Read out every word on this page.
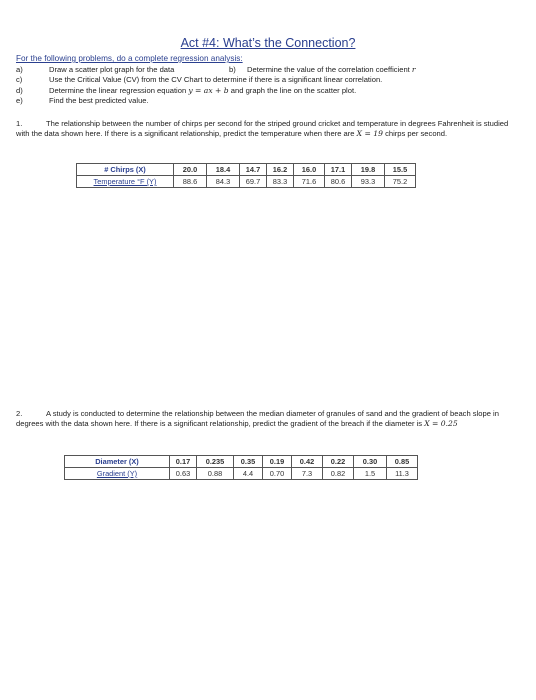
Act #4: What’s the Connection?
For the following problems, do a complete regression analysis:
a)	Draw a scatter plot graph for the data	b) Determine the value of the correlation coefficient r
c)	Use the Critical Value (CV) from the CV Chart to determine if there is a significant linear correlation.
d)	Determine the linear regression equation y = ax + b and graph the line on the scatter plot.
e)	Find the best predicted value.
1.	The relationship between the number of chirps per second for the striped ground cricket and temperature in degrees Fahrenheit is studied with the data shown here. If there is a significant relationship, predict the temperature when there are X = 19 chirps per second.
# Chirps (X)	20.0	18.4	14.7	16.2	16.0	17.1	19.8	15.5
Temperature °F (Y)	88.6	84.3	69.7	83.3	71.6	80.6	93.3	75.2
2.	A study is conducted to determine the relationship between the median diameter of granules of sand and the gradient of beach slope in degrees with the data shown here. If there is a significant relationship, predict the gradient of the breach if the diameter is X = 0.25
Diameter (X)	0.17	0.235	0.35	0.19	0.42	0.22	0.30	0.85
Gradient (Y)	0.63	0.88	4.4	0.70	7.3	0.82	1.5	11.3
